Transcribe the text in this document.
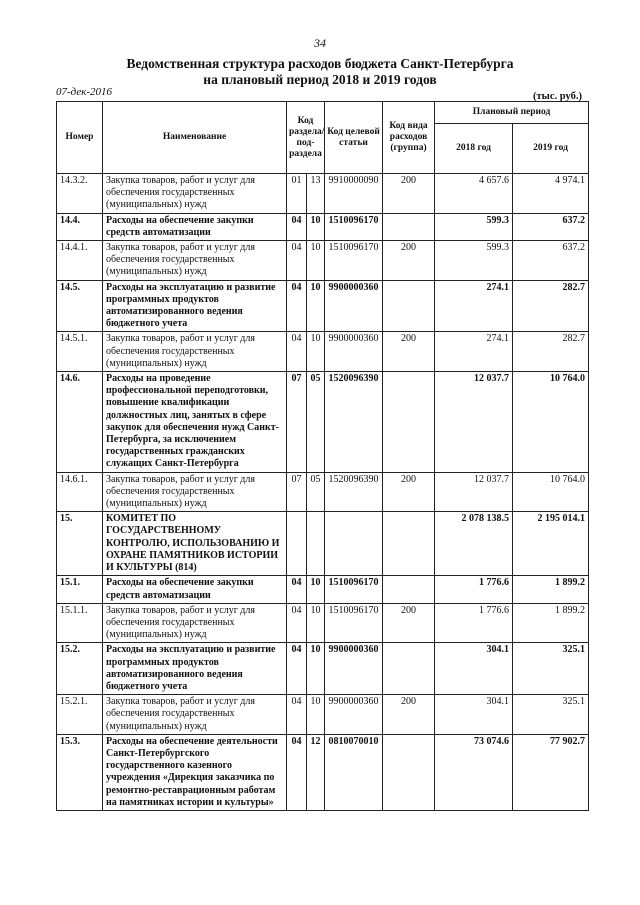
34
Ведомственная структура расходов бюджета Санкт-Петербурга
на плановый период 2018 и 2019 годов
07-дек-2016	(тыс. руб.)
Номер	Наименование	Код раздела/ под- раздела		Код целевой статьи	Код вида расходов (группа)	Плановый период	
						2018 год	2019 год
14.3.2.	Закупка товаров, работ и услуг для обеспечения государственных (муниципальных) нужд	01	13	9910000090	200	4 657.6	4 974.1
14.4.	Расходы на обеспечение закупки средств автоматизации	04	10	1510096170		599.3	637.2
14.4.1.	Закупка товаров, работ и услуг для обеспечения государственных (муниципальных) нужд	04	10	1510096170	200	599.3	637.2
14.5.	Расходы на эксплуатацию и развитие программных продуктов автоматизированного ведения бюджетного учета	04	10	9900000360		274.1	282.7
14.5.1.	Закупка товаров, работ и услуг для обеспечения государственных (муниципальных) нужд	04	10	9900000360	200	274.1	282.7
14.6.	Расходы на проведение профессиональной переподготовки, повышение квалификации должностных лиц, занятых в сфере закупок для обеспечения нужд Санкт-Петербурга, за исключением государственных гражданских служащих Санкт-Петербурга	07	05	1520096390		12 037.7	10 764.0
14.6.1.	Закупка товаров, работ и услуг для обеспечения государственных (муниципальных) нужд	07	05	1520096390	200	12 037.7	10 764.0
15.	КОМИТЕТ ПО ГОСУДАРСТВЕННОМУ КОНТРОЛЮ, ИСПОЛЬЗОВАНИЮ И ОХРАНЕ ПАМЯТНИКОВ ИСТОРИИ И КУЛЬТУРЫ (814)					2 078 138.5	2 195 014.1
15.1.	Расходы на обеспечение закупки средств автоматизации	04	10	1510096170		1 776.6	1 899.2
15.1.1.	Закупка товаров, работ и услуг для обеспечения государственных (муниципальных) нужд	04	10	1510096170	200	1 776.6	1 899.2
15.2.	Расходы на эксплуатацию и развитие программных продуктов автоматизированного ведения бюджетного учета	04	10	9900000360		304.1	325.1
15.2.1.	Закупка товаров, работ и услуг для обеспечения государственных (муниципальных) нужд	04	10	9900000360	200	304.1	325.1
15.3.	Расходы на обеспечение деятельности Санкт-Петербургского государственного казенного учреждения «Дирекция заказчика по ремонтно-реставрационным работам на памятниках истории и культуры»	04	12	0810070010		73 074.6	77 902.7
